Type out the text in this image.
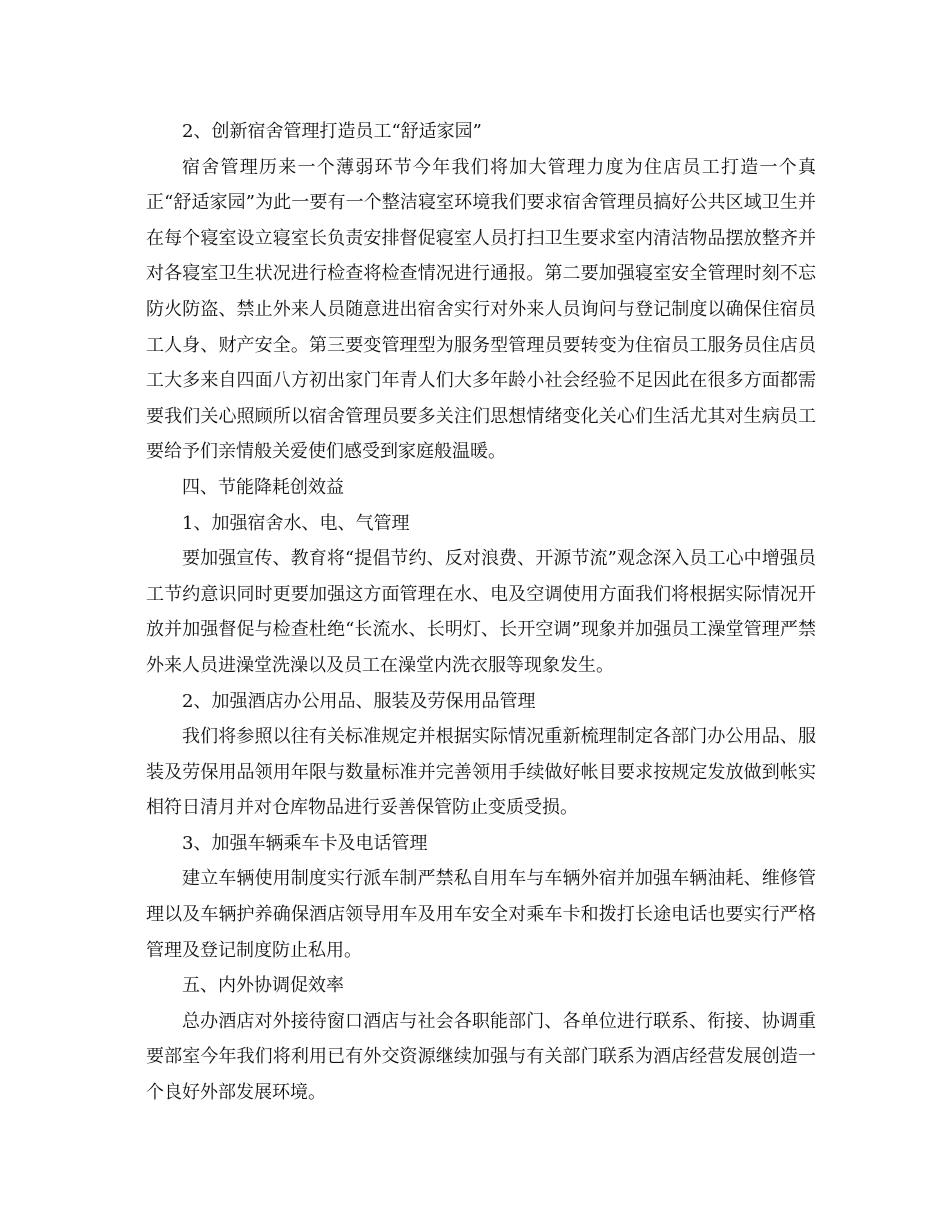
2、创新宿舍管理打造员工“舒适家园”

宿舍管理历来一个薄弱环节今年我们将加大管理力度为住店员工打造一个真正“舒适家园”为此一要有一个整洁寝室环境我们要求宿舍管理员搞好公共区域卫生并在每个寝室设立寝室长负责安排督促寝室人员打扫卫生要求室内清洁物品摆放整齐并对各寝室卫生状况进行检查将检查情况进行通报。第二要加强寝室安全管理时刻不忘防火防盗、禁止外来人员随意进出宿舍实行对外来人员询问与登记制度以确保住宿员工人身、财产安全。第三要变管理型为服务型管理员要转变为住宿员工服务员住店员工大多来自四面八方初出家门年青人们大多年龄小社会经验不足因此在很多方面都需要我们关心照顾所以宿舍管理员要多关注们思想情绪变化关心们生活尤其对生病员工要给予们亲情般关爱使们感受到家庭般温暖。

四、节能降耗创效益

1、加强宿舍水、电、气管理

要加强宣传、教育将“提倡节约、反对浪费、开源节流”观念深入员工心中增强员工节约意识同时更要加强这方面管理在水、电及空调使用方面我们将根据实际情况开放并加强督促与检查杜绝“长流水、长明灯、长开空调”现象并加强员工澡堂管理严禁外来人员进澡堂洗澡以及员工在澡堂内洗衣服等现象发生。

2、加强酒店办公用品、服装及劳保用品管理

我们将参照以往有关标准规定并根据实际情况重新梳理制定各部门办公用品、服装及劳保用品领用年限与数量标准并完善领用手续做好帐目要求按规定发放做到帐实相符日清月并对仓库物品进行妥善保管防止变质受损。

3、加强车辆乘车卡及电话管理

建立车辆使用制度实行派车制严禁私自用车与车辆外宿并加强车辆油耗、维修管理以及车辆护养确保酒店领导用车及用车安全对乘车卡和拨打长途电话也要实行严格管理及登记制度防止私用。

五、内外协调促效率

总办酒店对外接待窗口酒店与社会各职能部门、各单位进行联系、衔接、协调重要部室今年我们将利用已有外交资源继续加强与有关部门联系为酒店经营发展创造一个良好外部发展环境。
